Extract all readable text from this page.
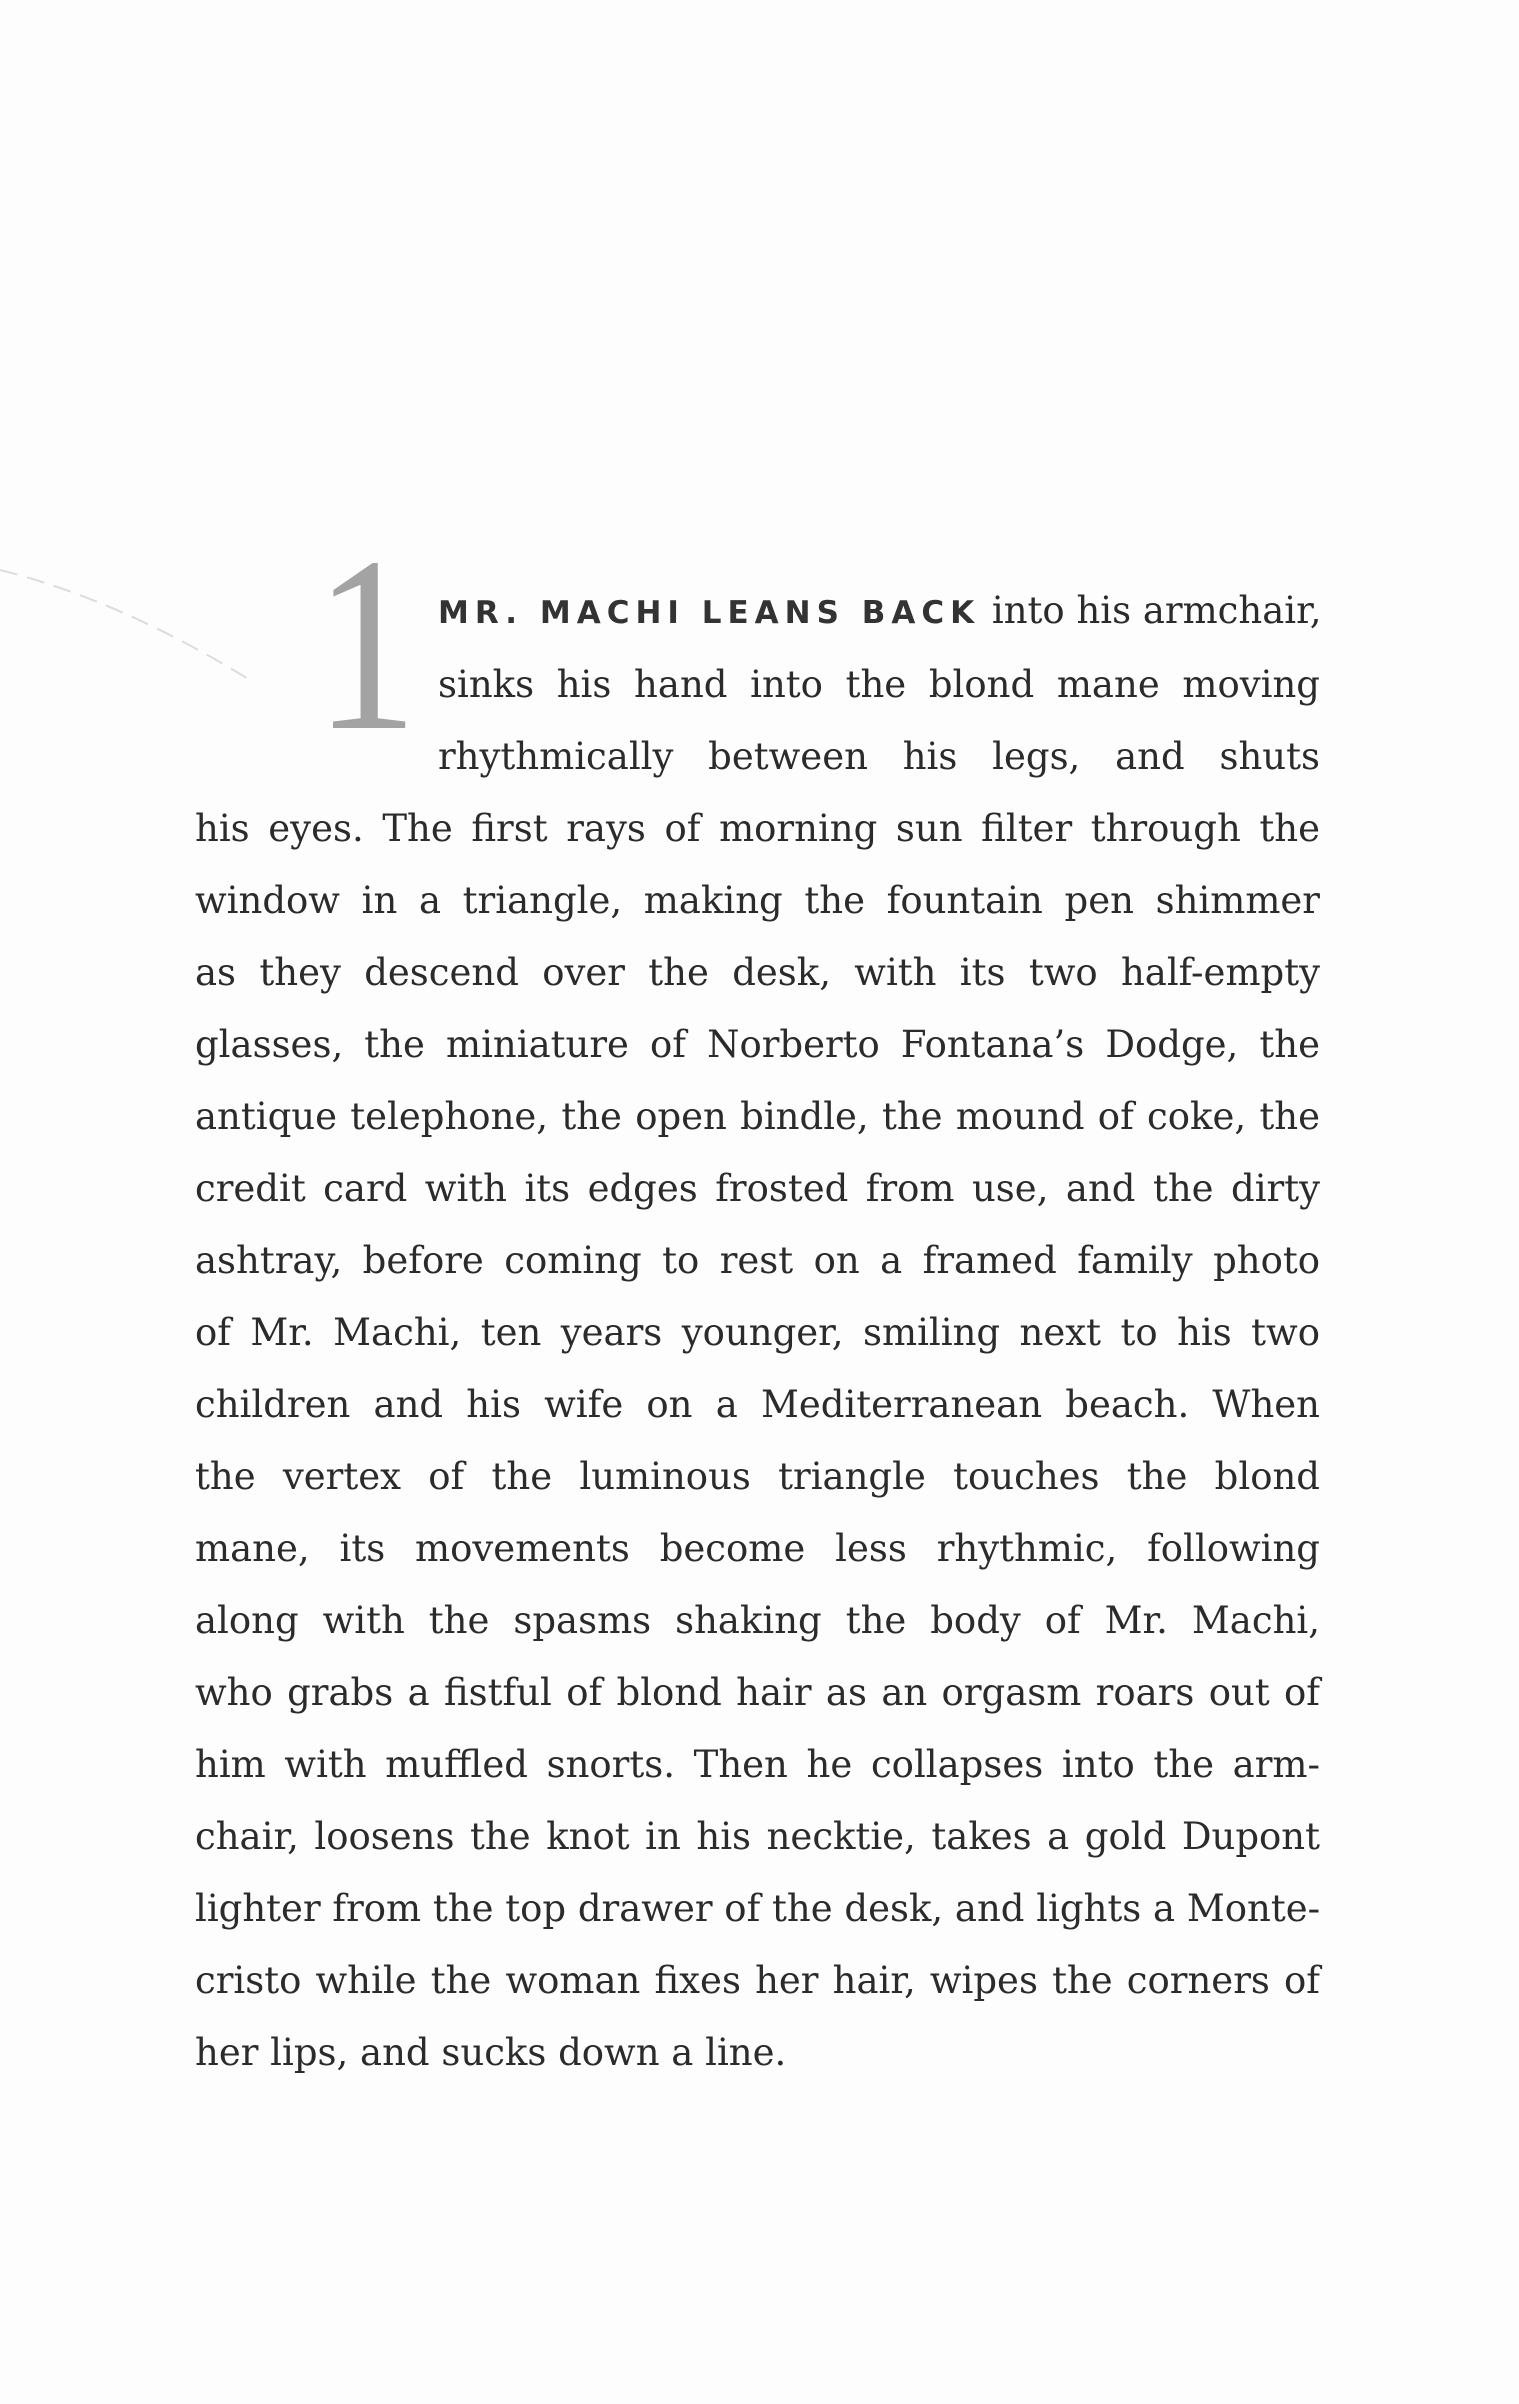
1 MR. MACHI LEANS BACK into his armchair,
sinks his hand into the blond mane moving
rhythmically between his legs, and shuts
his eyes. The first rays of morning sun filter through the
window in a triangle, making the fountain pen shimmer
as they descend over the desk, with its two half-empty
glasses, the miniature of Norberto Fontana’s Dodge, the
antique telephone, the open bindle, the mound of coke, the
credit card with its edges frosted from use, and the dirty
ashtray, before coming to rest on a framed family photo
of Mr. Machi, ten years younger, smiling next to his two
children and his wife on a Mediterranean beach. When
the vertex of the luminous triangle touches the blond
mane, its movements become less rhythmic, following
along with the spasms shaking the body of Mr. Machi,
who grabs a fistful of blond hair as an orgasm roars out of
him with muffled snorts. Then he collapses into the arm-
chair, loosens the knot in his necktie, takes a gold Dupont
lighter from the top drawer of the desk, and lights a Monte-
cristo while the woman fixes her hair, wipes the corners of
her lips, and sucks down a line.
